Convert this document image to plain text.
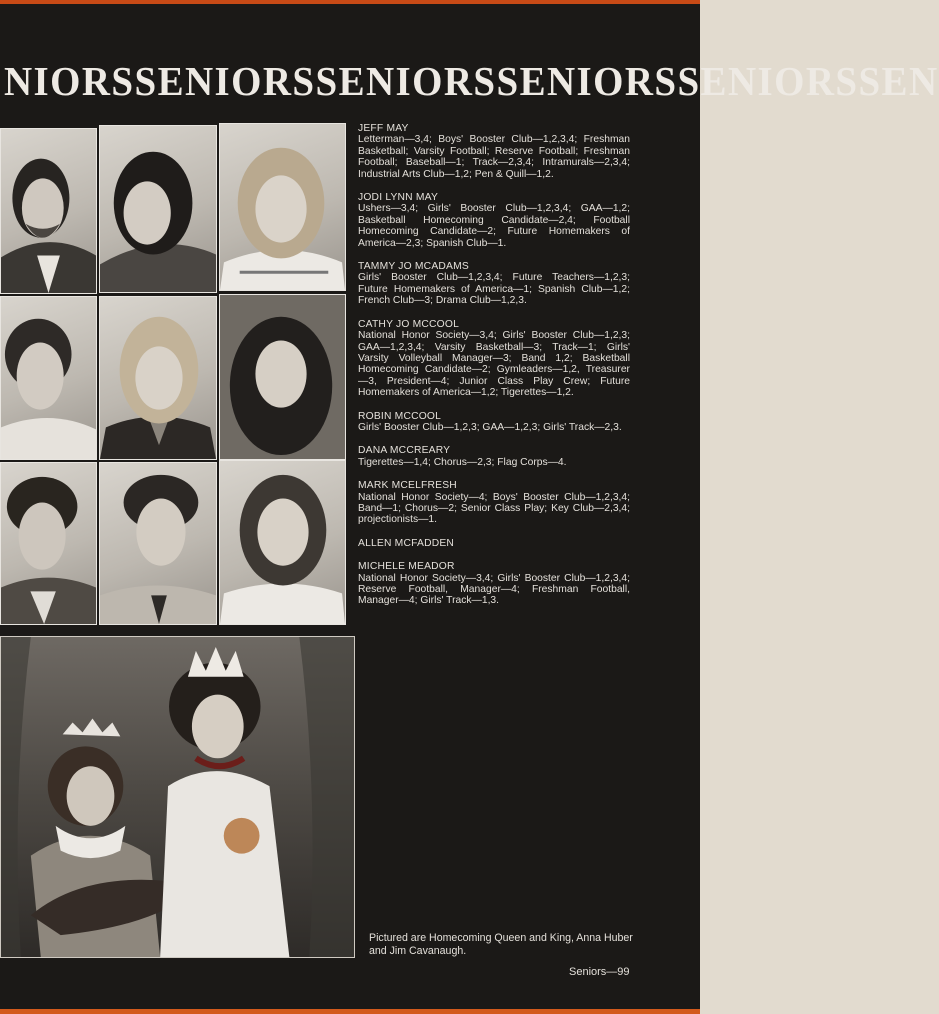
NIORSSENIORSSENIORSSENIORSSENIORSSEN
JEFF MAY
Letterman—3,4; Boys' Booster Club—1,2,3,4; Freshman Basketball; Varsity Football; Reserve Football; Freshman Football; Baseball—1; Track—2,3,4; Intramurals—2,3,4; Industrial Arts Club—1,2; Pen & Quill—1,2.
JODI LYNN MAY
Ushers—3,4; Girls' Booster Club—1,2,3,4; GAA—1,2; Basketball Homecoming Candidate—2,4; Football Homecoming Candidate—2; Future Homemakers of America—2,3; Spanish Club—1.
TAMMY JO MCADAMS
Girls' Booster Club—1,2,3,4; Future Teachers—1,2,3; Future Homemakers of America—1; Spanish Club—1,2; French Club—3; Drama Club—1,2,3.
CATHY JO MCCOOL
National Honor Society—3,4; Girls' Booster Club—1,2,3; GAA—1,2,3,4; Varsity Basketball—3; Track—1; Girls' Varsity Volleyball Manager—3; Band 1,2; Basketball Homecoming Candidate—2; Gymleaders—1,2, Treasurer—3, President—4; Junior Class Play Crew; Future Homemakers of America—1,2; Tigerettes—1,2.
ROBIN MCCOOL
Girls' Booster Club—1,2,3; GAA—1,2,3; Girls' Track—2,3.
DANA MCCREARY
Tigerettes—1,4; Chorus—2,3; Flag Corps—4.
MARK MCELFRESH
National Honor Society—4; Boys' Booster Club—1,2,3,4; Band—1; Chorus—2; Senior Class Play; Key Club—2,3,4; projectionists—1.
ALLEN MCFADDEN
MICHELE MEADOR
National Honor Society—3,4; Girls' Booster Club—1,2,3,4; Reserve Football, Manager—4; Freshman Football, Manager—4; Girls' Track—1,3.
Pictured are Homecoming Queen and King, Anna Huber and Jim Cavanaugh.
Seniors—99
